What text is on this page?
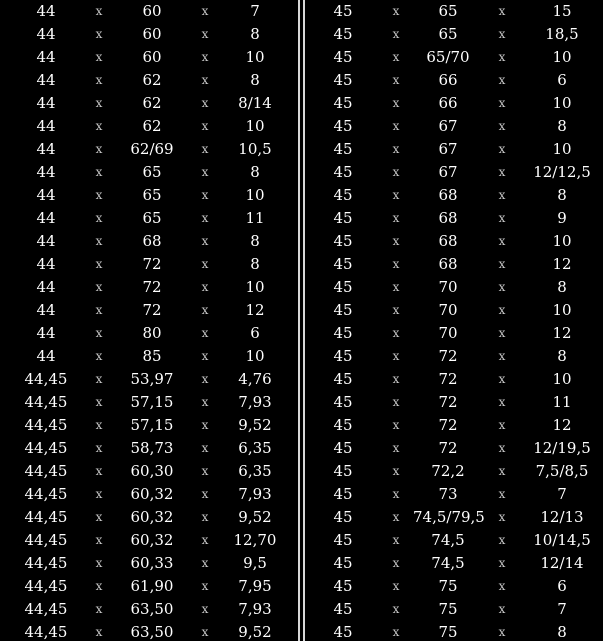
44	x	60	x	7
44	x	60	x	8
44	x	60	x	10
44	x	62	x	8
44	x	62	x	8/14
44	x	62	x	10
44	x	62/69	x	10,5
44	x	65	x	8
44	x	65	x	10
44	x	65	x	11
44	x	68	x	8
44	x	72	x	8
44	x	72	x	10
44	x	72	x	12
44	x	80	x	6
44	x	85	x	10
44,45	x	53,97	x	4,76
44,45	x	57,15	x	7,93
44,45	x	57,15	x	9,52
44,45	x	58,73	x	6,35
44,45	x	60,30	x	6,35
44,45	x	60,32	x	7,93
44,45	x	60,32	x	9,52
44,45	x	60,32	x	12,70
44,45	x	60,33	x	9,5
44,45	x	61,90	x	7,95
44,45	x	63,50	x	7,93
44,45	x	63,50	x	9,52
45	x	65	x	15
45	x	65	x	18,5
45	x	65/70	x	10
45	x	66	x	6
45	x	66	x	10
45	x	67	x	8
45	x	67	x	10
45	x	67	x	12/12,5
45	x	68	x	8
45	x	68	x	9
45	x	68	x	10
45	x	68	x	12
45	x	70	x	8
45	x	70	x	10
45	x	70	x	12
45	x	72	x	8
45	x	72	x	10
45	x	72	x	11
45	x	72	x	12
45	x	72	x	12/19,5
45	x	72,2	x	7,5/8,5
45	x	73	x	7
45	x	74,5/79,5	x	12/13
45	x	74,5	x	10/14,5
45	x	74,5	x	12/14
45	x	75	x	6
45	x	75	x	7
45	x	75	x	8
